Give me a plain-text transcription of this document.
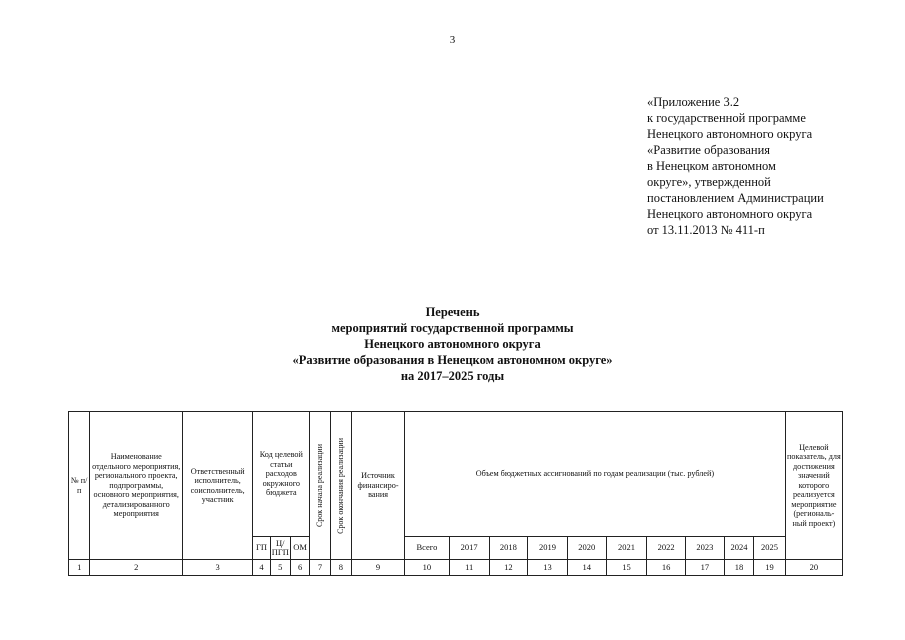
3
«Приложение 3.2
к государственной программе
Ненецкого автономного округа
«Развитие образования
в Ненецком автономном
округе», утвержденной
постановлением Администрации
Ненецкого автономного округа
от 13.11.2013 № 411-п
Перечень
мероприятий государственной программы
Ненецкого автономного округа
«Развитие образования в Ненецком автономном округе»
на 2017–2025 годы
№ п/п	Наименование отдельного мероприятия, регионального проекта, подпрограммы, основного мероприятия, детализированного мероприятия	Ответственный исполнитель, соисполнитель, участник	Код целевой статьи расходов окружного бюджета			Срок начала реализации	Срок окончания реализации	Источник финансиро-вания	Объем бюджетных ассигнований по годам реализации (тыс. рублей)										Целевой показатель, для достижения значений которого реализуется мероприятие (региональ-ный проект)
			ГП	Ц/ПГП	ОМ				Всего	2017	2018	2019	2020	2021	2022	2023	2024	2025	
1	2	3	4	5	6	7	8	9	10	11	12	13	14	15	16	17	18	19	20
